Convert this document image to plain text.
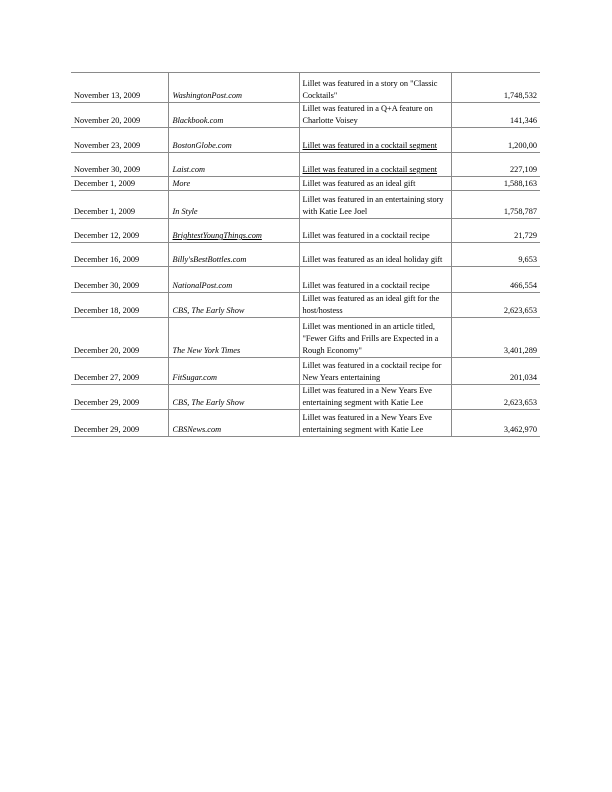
November 13, 2009	WashingtonPost.com	Lillet was featured in a story on "Classic Cocktails"	1,748,532
November 20, 2009	Blackbook.com	Lillet was featured in a Q+A feature on Charlotte Voisey	141,346
November 23, 2009	BostonGlobe.com	Lillet was featured in a cocktail segment	1,200,00
November 30, 2009	Laist.com	Lillet was featured in a cocktail segment	227,109
December 1, 2009	More	Lillet was featured as an ideal gift	1,588,163
December 1, 2009	In Style	Lillet was featured in an entertaining story with Katie Lee Joel	1,758,787
December 12, 2009	BrightestYoungThings.com	Lillet was featured in a cocktail recipe	21,729
December 16, 2009	Billy'sBestBottles.com	Lillet was featured as an ideal holiday gift	9,653
December 30, 2009	NationalPost.com	Lillet was featured in a cocktail recipe	466,554
December 18, 2009	CBS, The Early Show	Lillet was featured as an ideal gift for the host/hostess	2,623,653
December 20, 2009	The New York Times	Lillet was mentioned in an article titled, "Fewer Gifts and Frills are Expected in a Rough Economy"	3,401,289
December 27, 2009	FitSugar.com	Lillet was featured in a cocktail recipe for New Years entertaining	201,034
December 29, 2009	CBS, The Early Show	Lillet was featured in a New Years Eve entertaining segment with Katie Lee	2,623,653
December 29, 2009	CBSNews.com	Lillet was featured in a New Years Eve entertaining segment with Katie Lee	3,462,970
